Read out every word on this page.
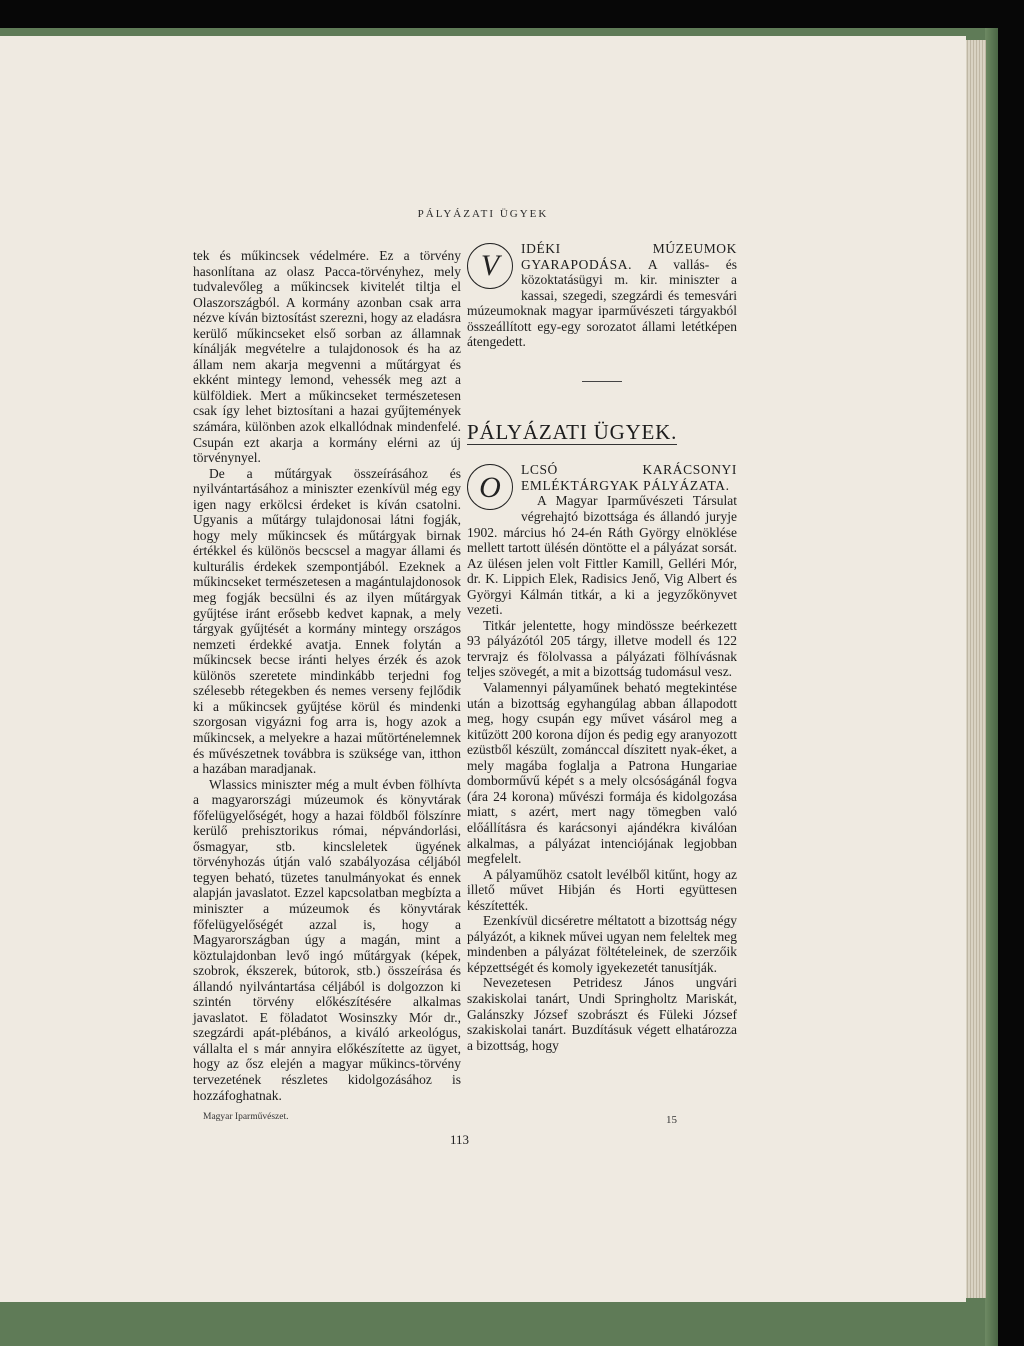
PÁLYÁZATI ÜGYEK

tek és műkincsek védelmére. Ez a törvény hasonlítana az olasz Pacca-törvényhez, mely tudvalevőleg a műkincsek kivitelét tiltja el Olaszországból. A kormány azonban csak arra nézve kíván biztosítást szerezni, hogy az eladásra kerülő műkincseket első sorban az államnak kínálják megvételre a tulajdonosok és ha az állam nem akarja megvenni a műtárgyat és ekként mintegy lemond, vehessék meg azt a külföldiek. Mert a műkincseket természetesen csak így lehet biztosítani a hazai gyűjtemények számára, különben azok elkallódnak mindenfelé. Csupán ezt akarja a kormány elérni az új törvénynyel.

De a műtárgyak összeírásához és nyilvántartásához a miniszter ezenkívül még egy igen nagy erkölcsi érdeket is kíván csatolni. Ugyanis a műtárgy tulajdonosai látni fogják, hogy mely műkincsek és műtárgyak birnak értékkel és különös becscsel a magyar állami és kulturális érdekek szempontjából. Ezeknek a műkincseket természetesen a magántulajdonosok meg fogják becsülni és az ilyen műtárgyak gyűjtése iránt erősebb kedvet kapnak, a mely tárgyak gyűjtését a kormány mintegy országos nemzeti érdekké avatja. Ennek folytán a műkincsek becse iránti helyes érzék és azok különös szeretete mindinkább terjedni fog szélesebb rétegekben és nemes verseny fejlődik ki a műkincsek gyűjtése körül és mindenki szorgosan vigyázni fog arra is, hogy azok a műkincsek, a melyekre a hazai műtörténelemnek és művészetnek továbbra is szüksége van, itthon a hazában maradjanak.

Wlassics miniszter még a mult évben fölhívta a magyarországi múzeumok és könyvtárak főfelügyelőségét, hogy a hazai földből fölszínre kerülő prehisztorikus római, népvándorlási, ősmagyar, stb. kincsleletek ügyének törvényhozás útján való szabályozása céljából tegyen beható, tüzetes tanulmányokat és ennek alapján javaslatot. Ezzel kapcsolatban megbízta a miniszter a múzeumok és könyvtárak főfelügyelőségét azzal is, hogy a Magyarországban úgy a magán, mint a köztulajdonban levő ingó műtárgyak (képek, szobrok, ékszerek, bútorok, stb.) összeírása és állandó nyilvántartása céljából is dolgozzon ki szintén törvény előkészítésére alkalmas javaslatot. E föladatot Wosinszky Mór dr., szegzárdi apát-plébános, a kiváló arkeológus, vállalta el s már annyira előkészítette az ügyet, hogy az ősz elején a magyar műkincs-törvény tervezetének részletes kidolgozásához is hozzáfoghatnak.

V
IDÉKI MÚZEUMOK GYARAPODÁSA. A vallás- és közoktatásügyi m. kir. miniszter a kassai, szegedi, szegzárdi és temesvári múzeumoknak magyar iparművészeti tárgyakból összeállított egy-egy sorozatot állami letétképen átengedett.
PÁLYÁZATI ÜGYEK.
O

LCSÓ KARÁCSONYI EMLÉKTÁRGYAK PÁLYÁZATA.

A Magyar Iparművészeti Társulat végrehajtó bizottsága és állandó juryje 1902. március hó 24-én Ráth György elnöklése mellett tartott ülésén döntötte el a pályázat sorsát. Az ülésen jelen volt Fittler Kamill, Gelléri Mór, dr. K. Lippich Elek, Radisics Jenő, Vig Albert és Györgyi Kálmán titkár, a ki a jegyzőkönyvet vezeti.

Titkár jelentette, hogy mindössze beérkezett 93 pályázótól 205 tárgy, illetve modell és 122 tervrajz és fölolvassa a pályázati fölhívásnak teljes szövegét, a mit a bizottság tudomásul vesz.

Valamennyi pályaműnek beható megtekintése után a bizottság egyhangúlag abban állapodott meg, hogy csupán egy művet vásárol meg a kitűzött 200 korona díjon és pedig egy aranyozott ezüstből készült, zománccal díszitett nyak-éket, a mely magába foglalja a Patrona Hungariae domborművű képét s a mely olcsóságánál fogva (ára 24 korona) művészi formája és kidolgozása miatt, s azért, mert nagy tömegben való előállításra és karácsonyi ajándékra kiválóan alkalmas, a pályázat intenciójának legjobban megfelelt.

A pályaműhöz csatolt levélből kitűnt, hogy az illető művet Hibján és Horti együttesen készítették.

Ezenkívül dicséretre méltatott a bizottság négy pályázót, a kiknek művei ugyan nem feleltek meg mindenben a pályázat föltételeinek, de szerzőik képzettségét és komoly igyekezetét tanusítják.

Nevezetesen Petridesz János ungvári szakiskolai tanárt, Undi Springholtz Mariskát, Galánszky József szobrászt és Füleki József szakiskolai tanárt. Buzdításuk végett elhatározza a bizottság, hogy

Magyar Iparművészet.	15
113
